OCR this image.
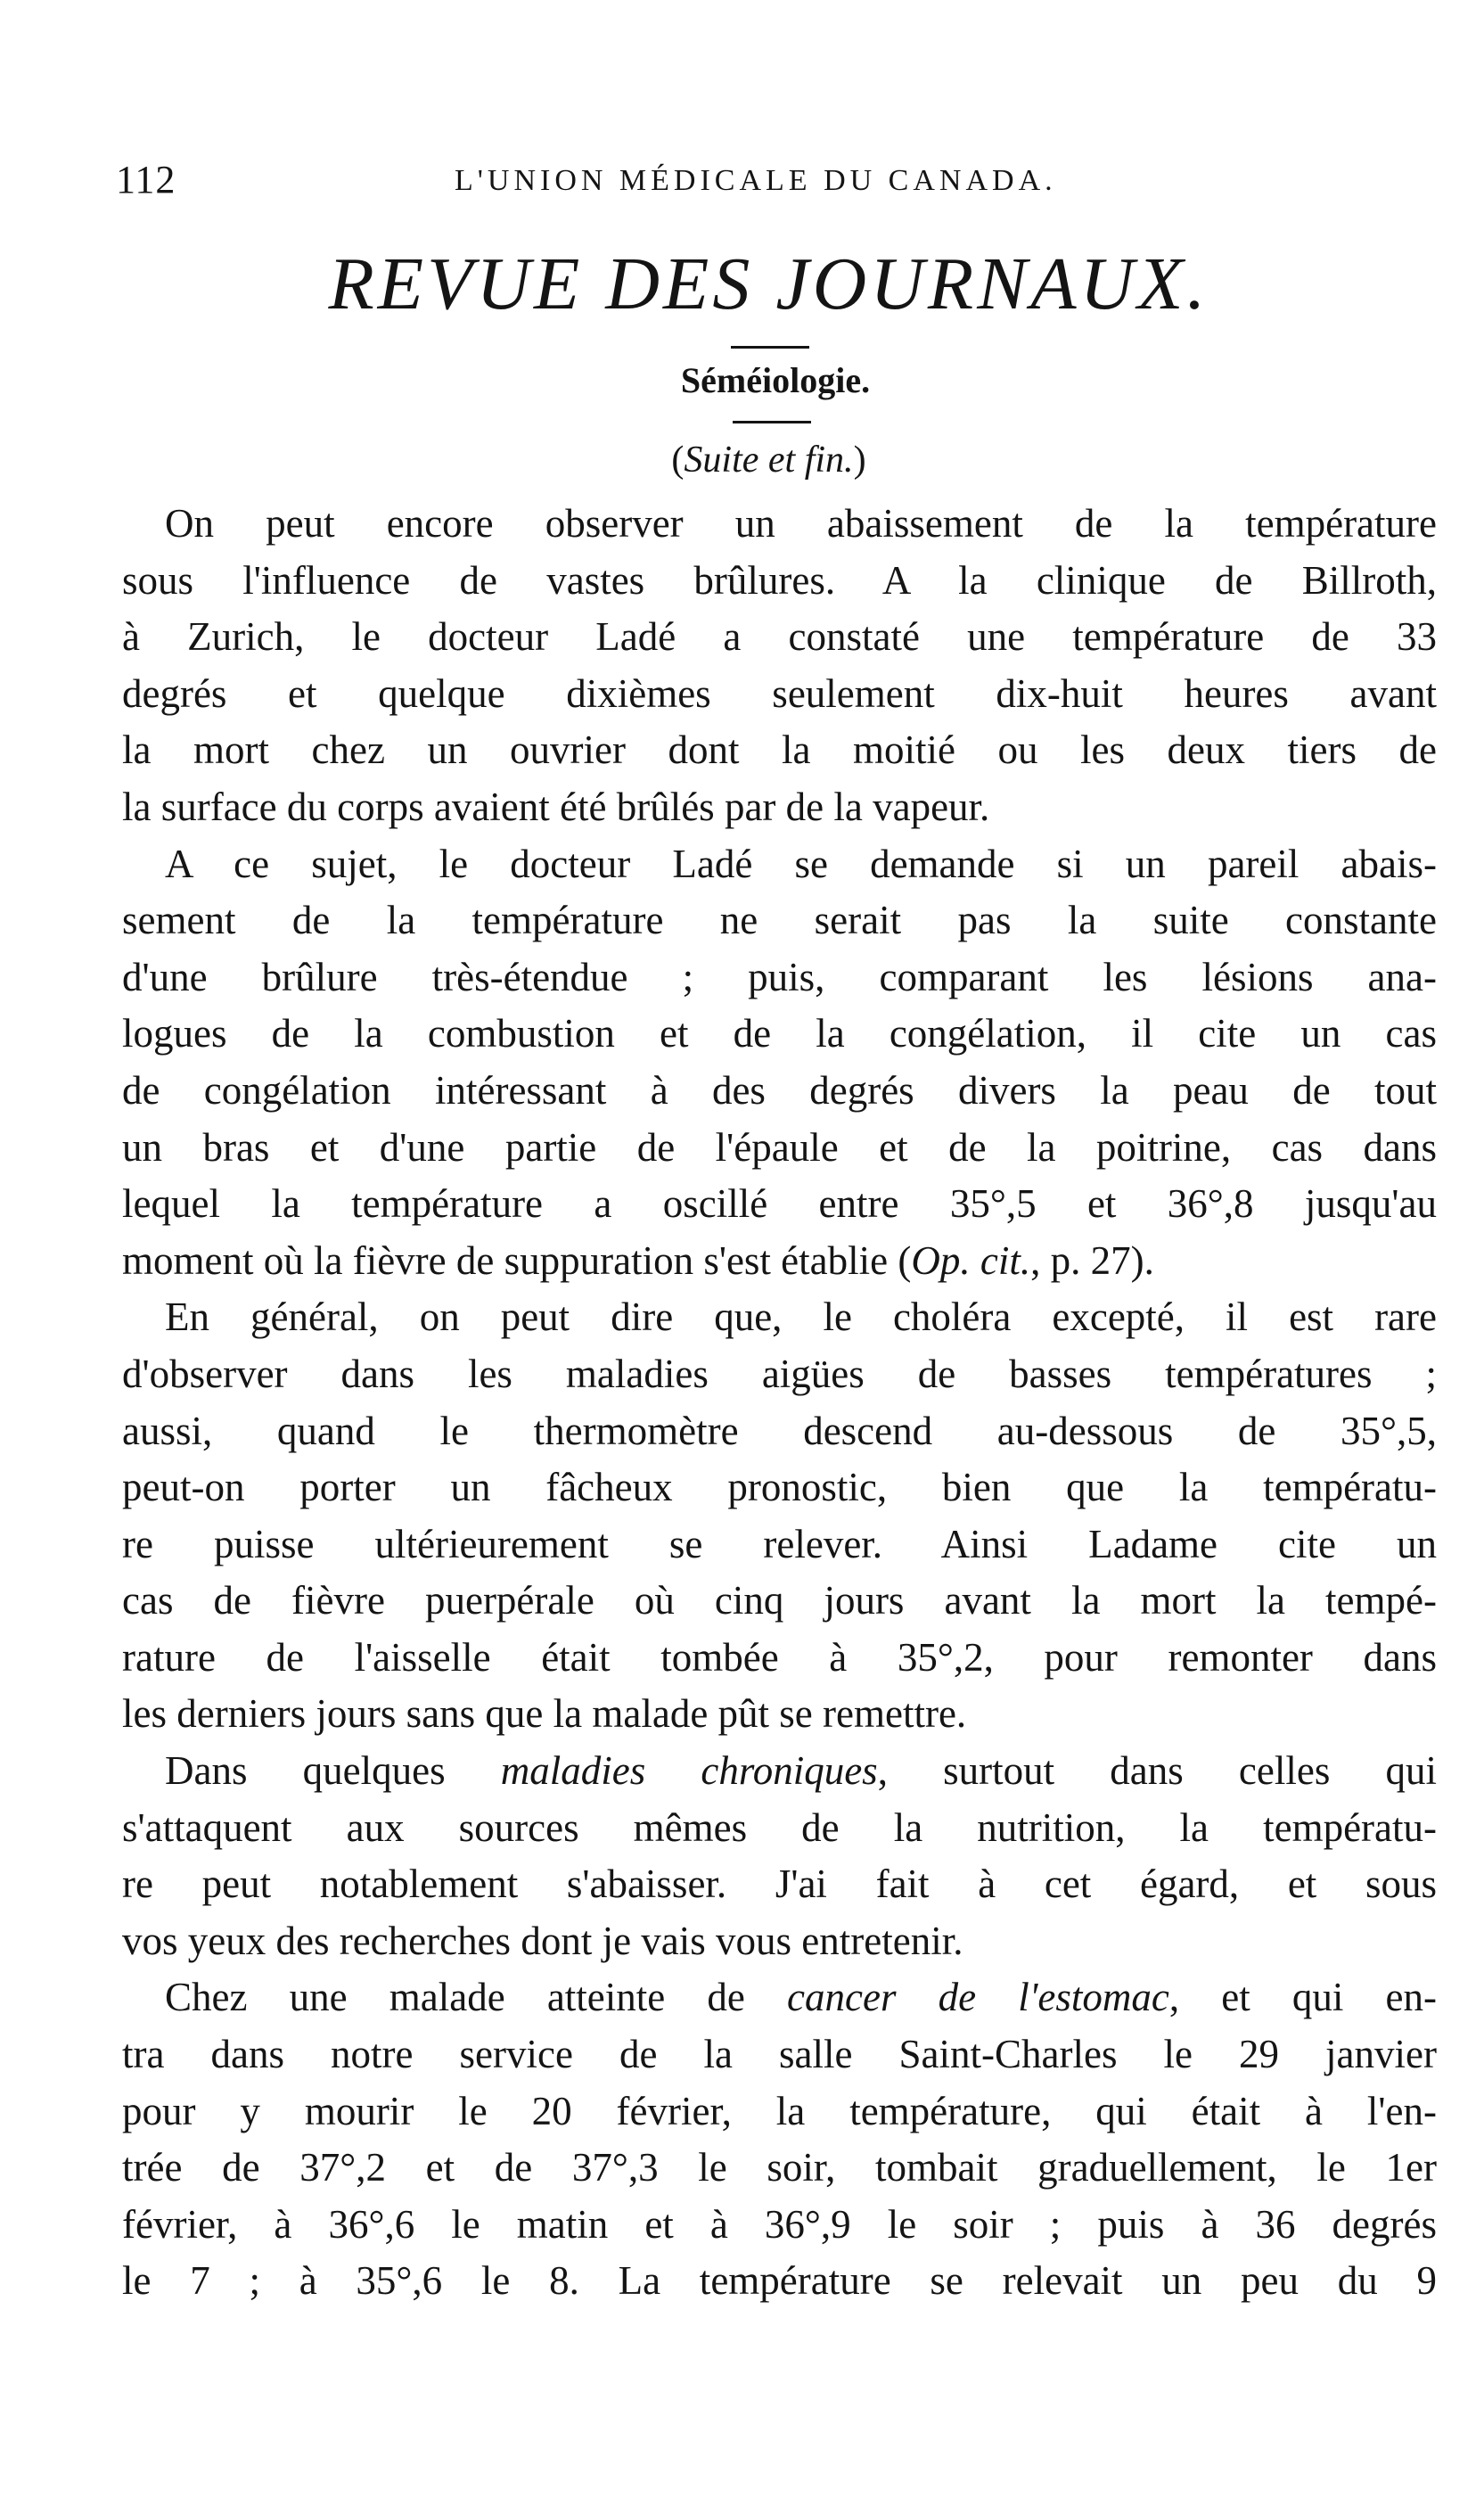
112	L'UNION MÉDICALE DU CANADA.
REVUE DES JOURNAUX.
Séméiologie.
(Suite et fin.)
On peut encore observer un abaissement de la température
sous l'influence de vastes brûlures. A la clinique de Billroth,
à Zurich, le docteur Ladé a constaté une température de 33
degrés et quelque dixièmes seulement dix-huit heures avant
la mort chez un ouvrier dont la moitié ou les deux tiers de
la surface du corps avaient été brûlés par de la vapeur.
A ce sujet, le docteur Ladé se demande si un pareil abais-
sement de la température ne serait pas la suite constante
d'une brûlure très-étendue ; puis, comparant les lésions ana-
logues de la combustion et de la congélation, il cite un cas
de congélation intéressant à des degrés divers la peau de tout
un bras et d'une partie de l'épaule et de la poitrine, cas dans
lequel la température a oscillé entre 35°,5 et 36°,8 jusqu'au
moment où la fièvre de suppuration s'est établie (Op. cit., p. 27).
En général, on peut dire que, le choléra excepté, il est rare
d'observer dans les maladies aigües de basses températures ;
aussi, quand le thermomètre descend au-dessous de 35°,5,
peut-on porter un fâcheux pronostic, bien que la températu-
re puisse ultérieurement se relever. Ainsi Ladame cite un
cas de fièvre puerpérale où cinq jours avant la mort la tempé-
rature de l'aisselle était tombée à 35°,2, pour remonter dans
les derniers jours sans que la malade pût se remettre.
Dans quelques maladies chroniques, surtout dans celles qui
s'attaquent aux sources mêmes de la nutrition, la températu-
re peut notablement s'abaisser. J'ai fait à cet égard, et sous
vos yeux des recherches dont je vais vous entretenir.
Chez une malade atteinte de cancer de l'estomac, et qui en-
tra dans notre service de la salle Saint-Charles le 29 janvier
pour y mourir le 20 février, la température, qui était à l'en-
trée de 37°,2 et de 37°,3 le soir, tombait graduellement, le 1er
février, à 36°,6 le matin et à 36°,9 le soir ; puis à 36 degrés
le 7 ; à 35°,6 le 8. La température se relevait un peu du 9
